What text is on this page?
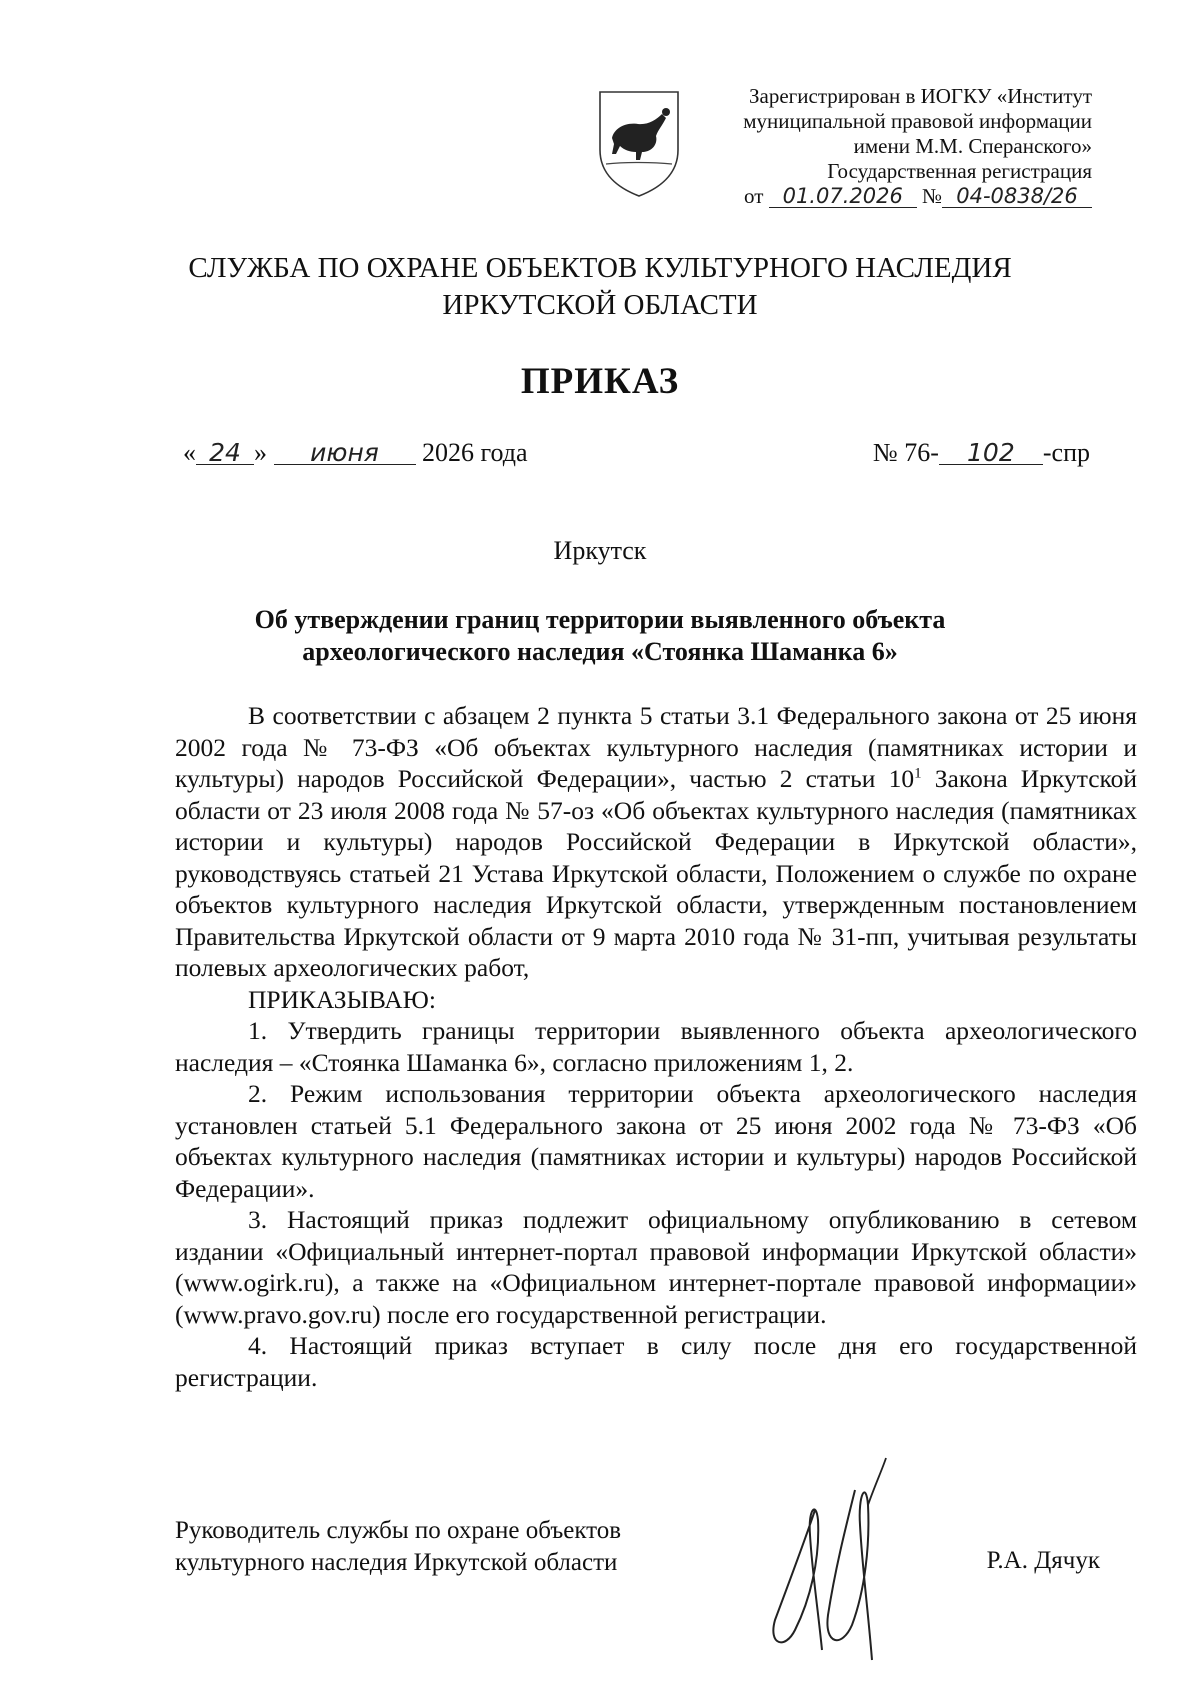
Зарегистрирован в ИОГКУ «Институт
муниципальной правовой информации
имени М.М. Сперанского»
Государственная регистрация
от 01.07.2026 № 04-0838/26
СЛУЖБА ПО ОХРАНЕ ОБЪЕКТОВ КУЛЬТУРНОГО НАСЛЕДИЯ
ИРКУТСКОЙ ОБЛАСТИ
ПРИКАЗ
« 24 » июня 2026 года	№ 76- 102 -спр
Иркутск
Об утверждении границ территории выявленного объекта
археологического наследия «Стоянка Шаманка 6»

В соответствии с абзацем 2 пункта 5 статьи 3.1 Федерального закона от 25 июня 2002 года № 73-ФЗ «Об объектах культурного наследия (памятниках истории и культуры) народов Российской Федерации», частью 2 статьи $10^1$ Закона Иркутской области от 23 июля 2008 года № 57-оз «Об объектах культурного наследия (памятниках истории и культуры) народов Российской Федерации в Иркутской области», руководствуясь статьей 21 Устава Иркутской области, Положением о службе по охране объектов культурного наследия Иркутской области, утвержденным постановлением Правительства Иркутской области от 9 марта 2010 года № 31-пп, учитывая результаты полевых археологических работ,

ПРИКАЗЫВАЮ:

1. Утвердить границы территории выявленного объекта археологического наследия – «Стоянка Шаманка 6», согласно приложениям 1, 2.

2. Режим использования территории объекта археологического наследия установлен статьей 5.1 Федерального закона от 25 июня 2002 года № 73-ФЗ «Об объектах культурного наследия (памятниках истории и культуры) народов Российской Федерации».

3. Настоящий приказ подлежит официальному опубликованию в сетевом издании «Официальный интернет-портал правовой информации Иркутской области» (www.ogirk.ru), а также на «Официальном интернет-портале правовой информации» (www.pravo.gov.ru) после его государственной регистрации.

4. Настоящий приказ вступает в силу после дня его государственной регистрации.

Руководитель службы по охране объектов
культурного наследия Иркутской области	Р.А. Дячук
